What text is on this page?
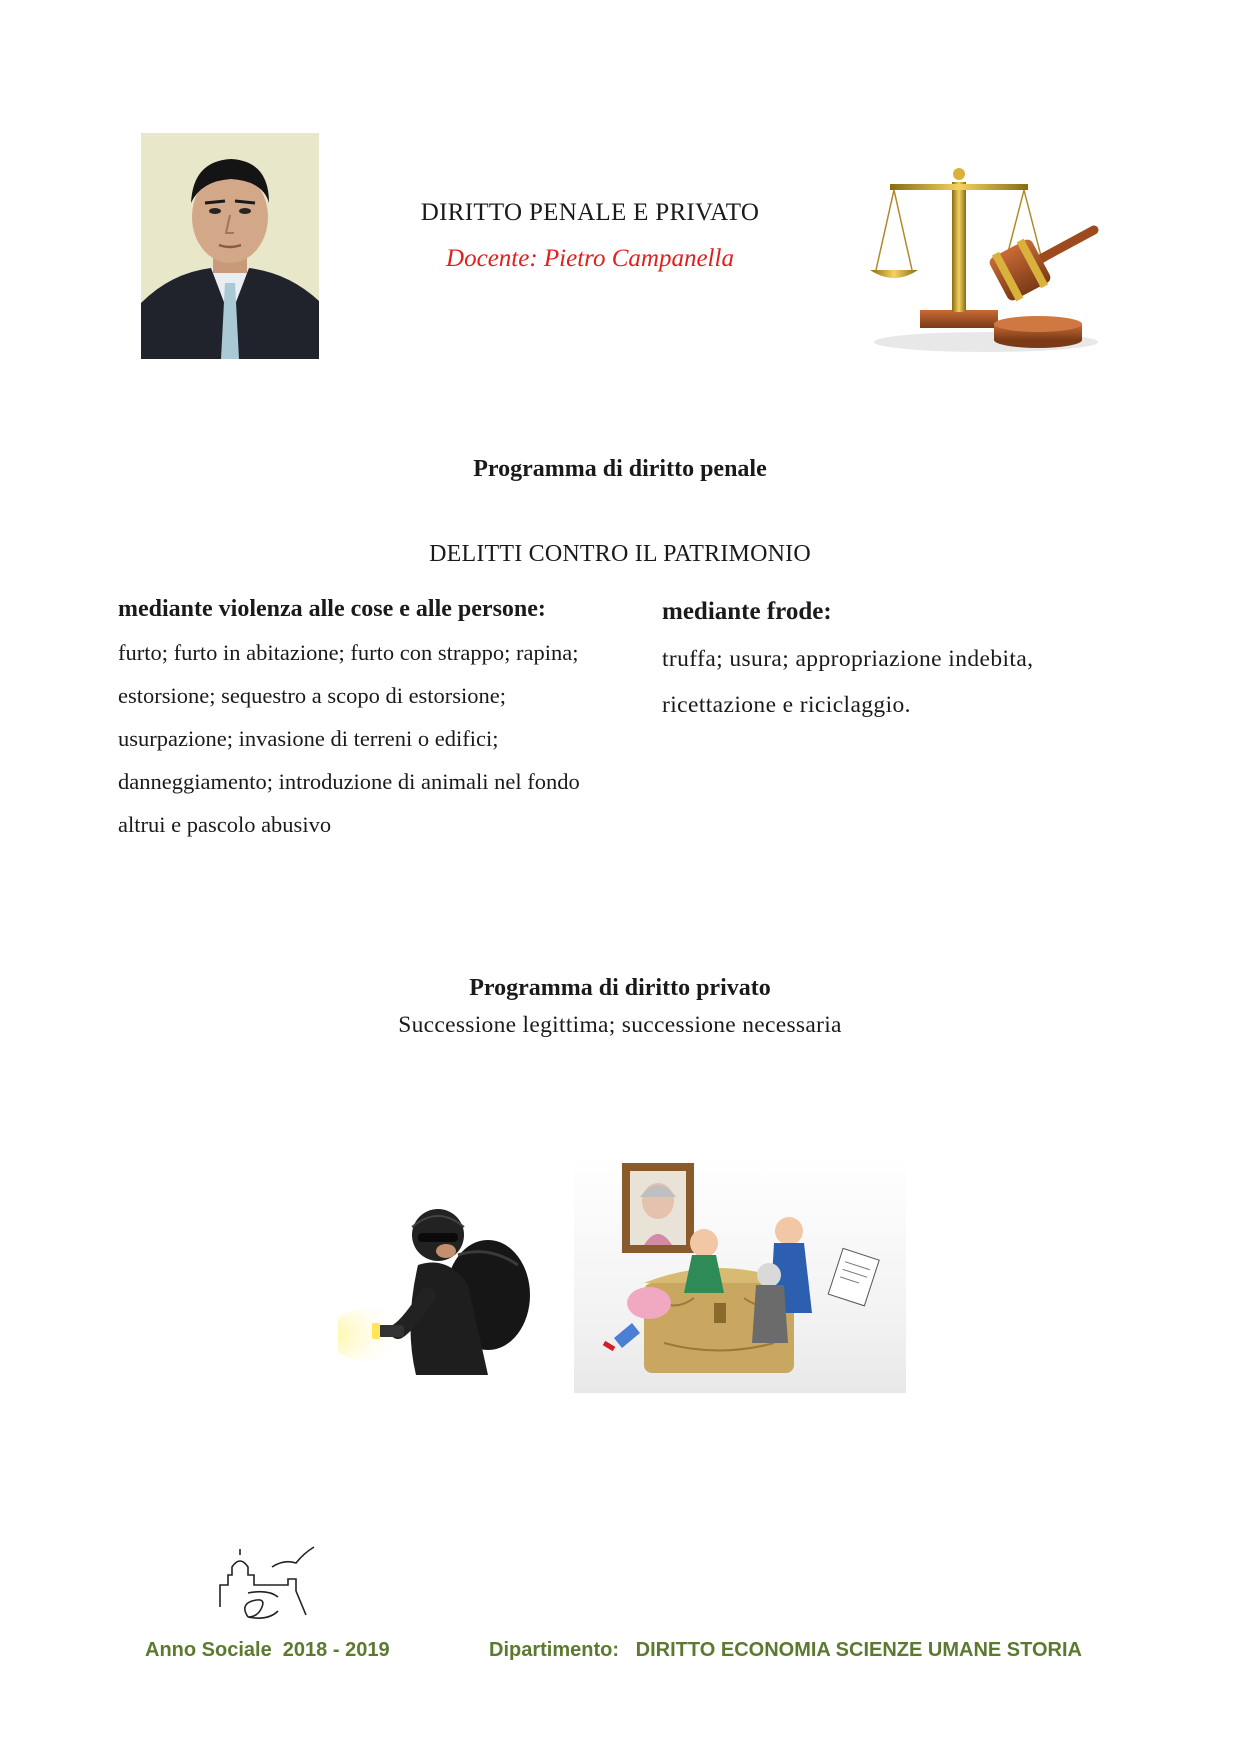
DIRITTO PENALE E PRIVATO
Docente: Pietro Campanella
Programma di diritto penale
DELITTI CONTRO IL PATRIMONIO

mediante violenza alle cose e alle persone:

furto; furto in abitazione; furto con strappo; rapina; estorsione; sequestro a scopo di estorsione; usurpazione; invasione di terreni o edifici; danneggiamento; introduzione di animali nel fondo altrui e pascolo abusivo

mediante frode:

truffa; usura; appropriazione indebita, ricettazione e riciclaggio.

Programma di diritto privato
Successione legittima; successione necessaria
Anno Sociale  2018 - 2019	Dipartimento:   DIRITTO ECONOMIA SCIENZE UMANE STORIA
